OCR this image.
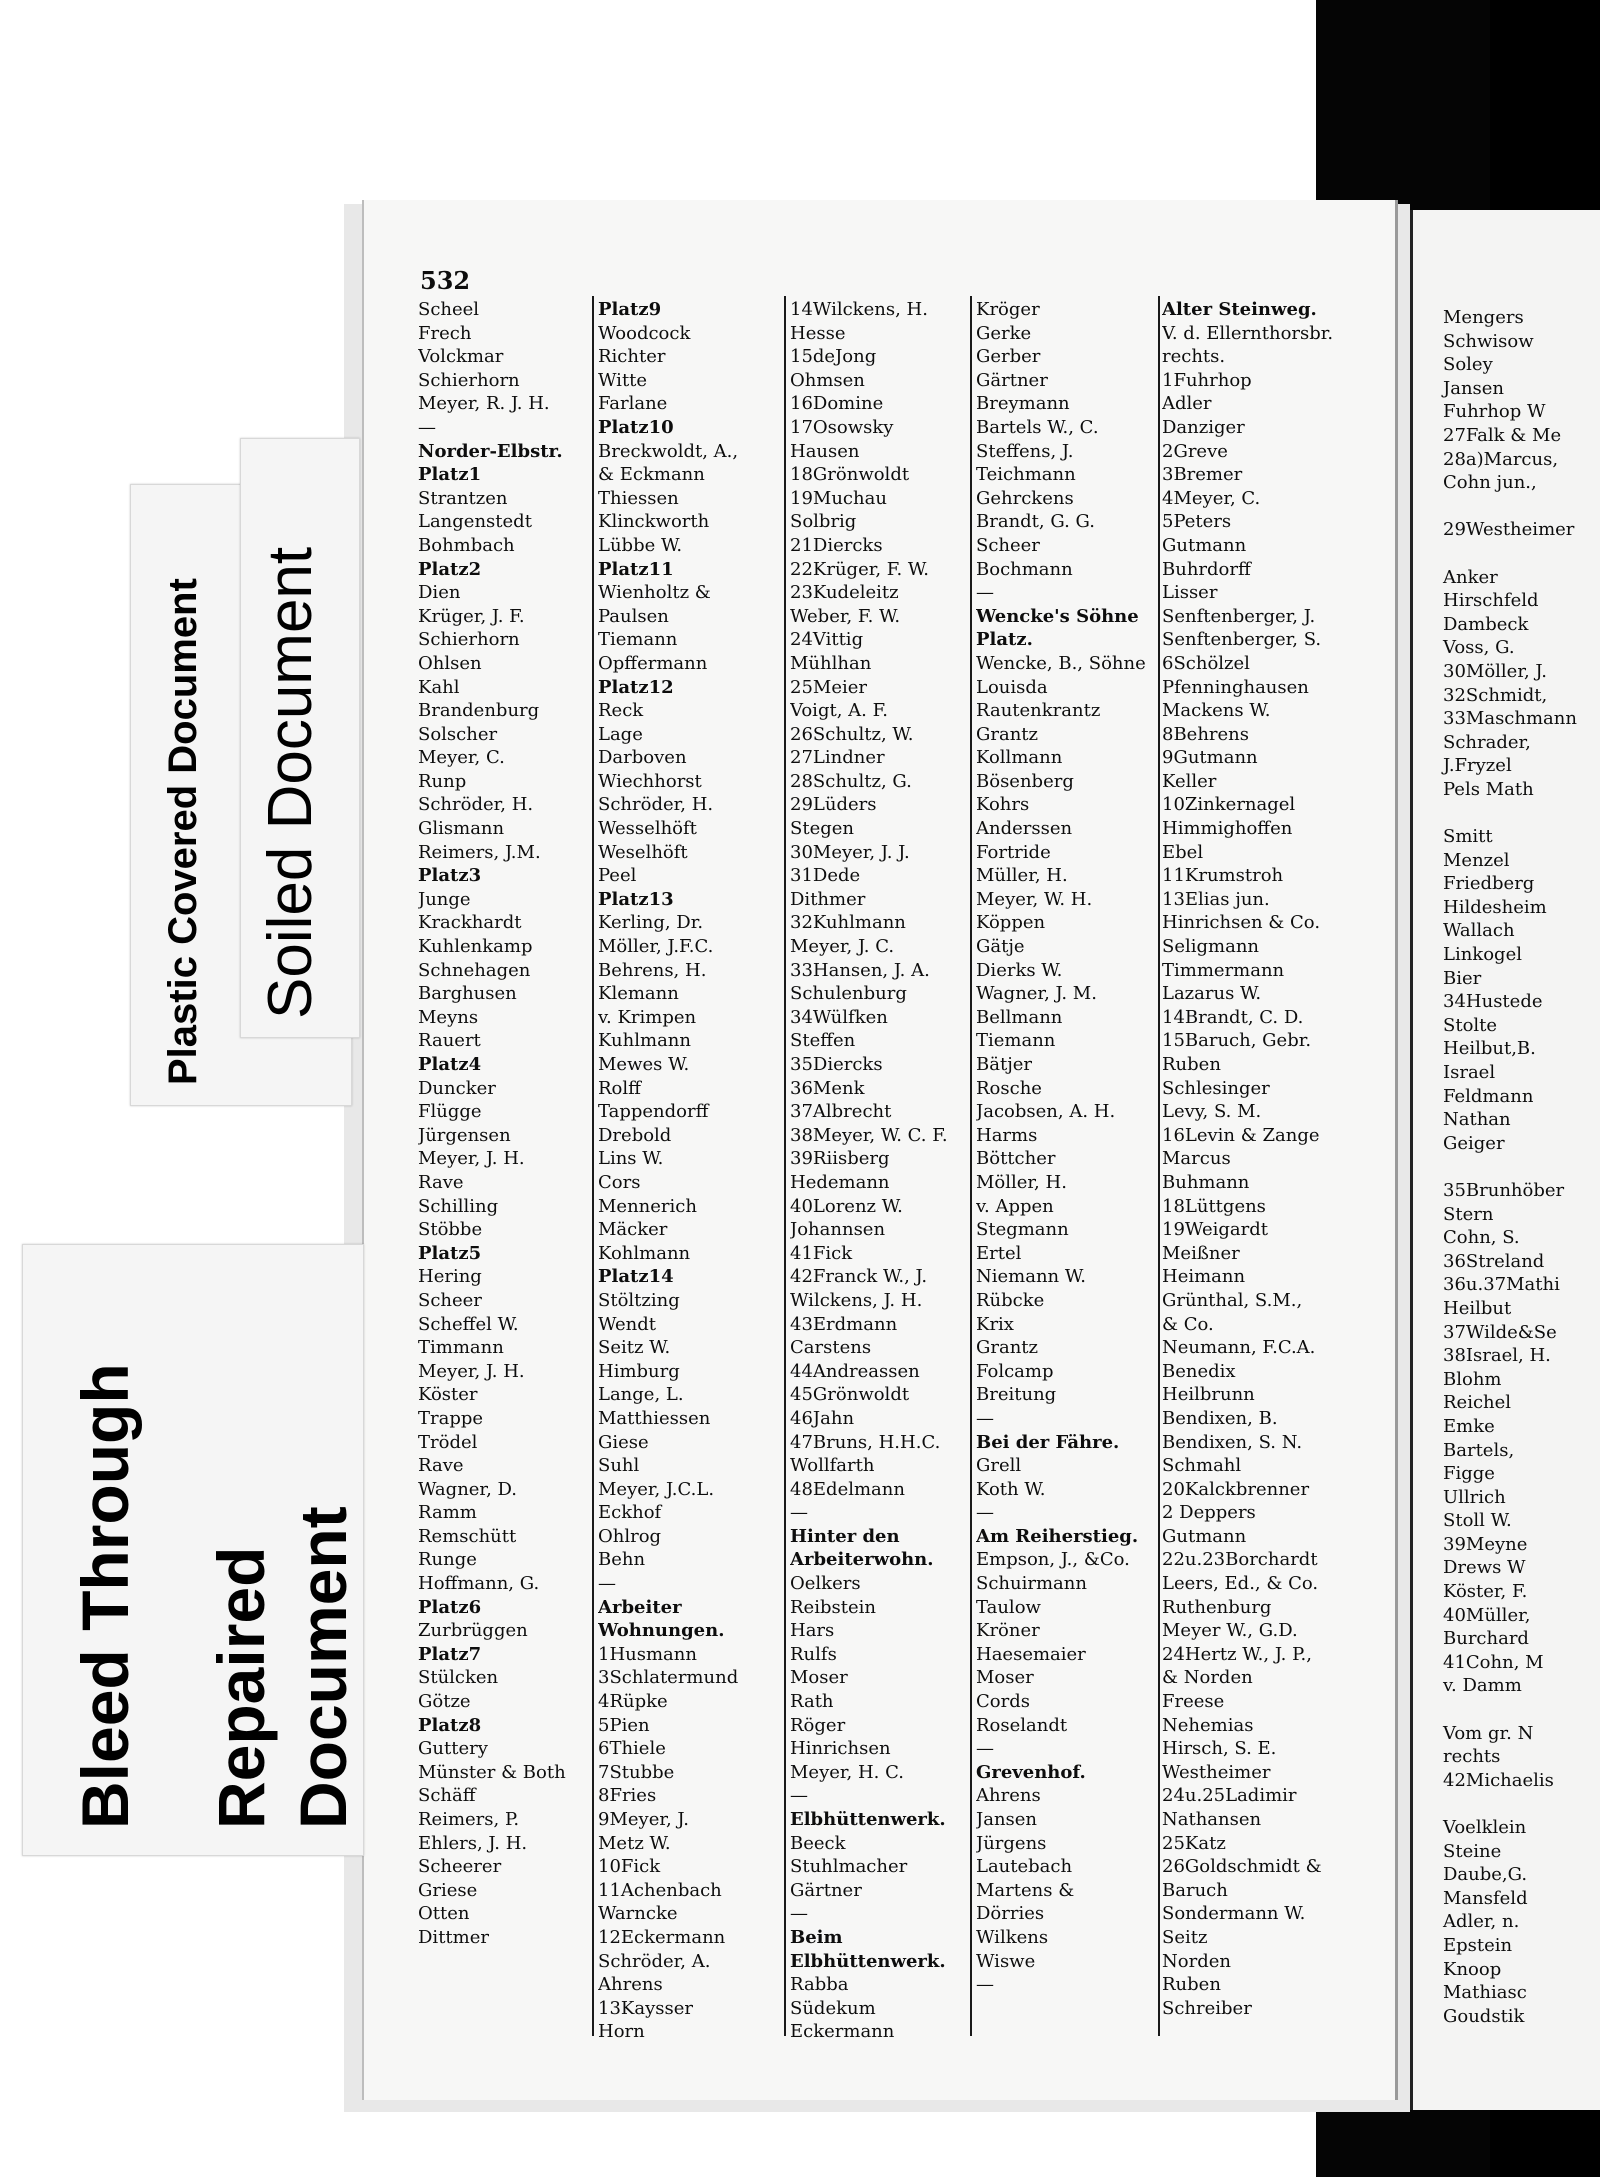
Mengers
Schwisow
Soley
Jansen
Fuhrhop W
27Falk & Me
28a)Marcus,
Cohn jun.,
29Westheimer
Anker
Hirschfeld
Dambeck
Voss, G.
30Möller, J.
32Schmidt,
33Maschmann
Schrader,
J.Fryzel
Pels Math
Smitt
Menzel
Friedberg
Hildesheim
Wallach
Linkogel
Bier
34Hustede
Stolte
Heilbut,B.
Israel
Feldmann
Nathan
Geiger
35Brunhöber
Stern
Cohn, S.
36Streland
36u.37Mathi
Heilbut
37Wilde&Se
38Israel, H.
Blohm
Reichel
Emke
Bartels,
Figge
Ullrich
Stoll W.
39Meyne
Drews W
Köster, F.
40Müller,
Burchard
41Cohn, M
v. Damm
Vom gr. N
rechts
42Michaelis
Voelklein
Steine
Daube,G.
Mansfeld
Adler, n.
Epstein
Knoop
Mathiasc
Goudstik
532
Scheel
Frech
Volckmar
Schierhorn
Meyer, R. J. H.
—
Norder-Elbstr.
Platz1
Strantzen
Langenstedt
Bohmbach
Platz2
Dien
Krüger, J. F.
Schierhorn
Ohlsen
Kahl
Brandenburg
Solscher
Meyer, C.
Runp
Schröder, H.
Glismann
Reimers, J.M.
Platz3
Junge
Krackhardt
Kuhlenkamp
Schnehagen
Barghusen
Meyns
Rauert
Platz4
Duncker
Flügge
Jürgensen
Meyer, J. H.
Rave
Schilling
Stöbbe
Platz5
Hering
Scheer
Scheffel W.
Timmann
Meyer, J. H.
Köster
Trappe
Trödel
Rave
Wagner, D.
Ramm
Remschütt
Runge
Hoffmann, G.
Platz6
Zurbrüggen
Platz7
Stülcken
Götze
Platz8
Guttery
Münster & Both
Schäff
Reimers, P.
Ehlers, J. H.
Scheerer
Griese
Otten
Dittmer
Platz9
Woodcock
Richter
Witte
Farlane
Platz10
Breckwoldt, A.,
& Eckmann
Thiessen
Klinckworth
Lübbe W.
Platz11
Wienholtz &
Paulsen
Tiemann
Opffermann
Platz12
Reck
Lage
Darboven
Wiechhorst
Schröder, H.
Wesselhöft
Weselhöft
Peel
Platz13
Kerling, Dr.
Möller, J.F.C.
Behrens, H.
Klemann
v. Krimpen
Kuhlmann
Mewes W.
Rolff
Tappendorff
Drebold
Lins W.
Cors
Mennerich
Mäcker
Kohlmann
Platz14
Stöltzing
Wendt
Seitz W.
Himburg
Lange, L.
Matthiessen
Giese
Suhl
Meyer, J.C.L.
Eckhof
Ohlrog
Behn
—
Arbeiter
Wohnungen.
1Husmann
3Schlatermund
4Rüpke
5Pien
6Thiele
7Stubbe
8Fries
9Meyer, J.
Metz W.
10Fick
11Achenbach
Warncke
12Eckermann
Schröder, A.
Ahrens
13Kaysser
Horn
14Wilckens, H.
Hesse
15deJong
Ohmsen
16Domine
17Osowsky
Hausen
18Grönwoldt
19Muchau
Solbrig
21Diercks
22Krüger, F. W.
23Kudeleitz
Weber, F. W.
24Vittig
Mühlhan
25Meier
Voigt, A. F.
26Schultz, W.
27Lindner
28Schultz, G.
29Lüders
Stegen
30Meyer, J. J.
31Dede
Dithmer
32Kuhlmann
Meyer, J. C.
33Hansen, J. A.
Schulenburg
34Wülfken
Steffen
35Diercks
36Menk
37Albrecht
38Meyer, W. C. F.
39Riisberg
Hedemann
40Lorenz W.
Johannsen
41Fick
42Franck W., J.
Wilckens, J. H.
43Erdmann
Carstens
44Andreassen
45Grönwoldt
46Jahn
47Bruns, H.H.C.
Wollfarth
48Edelmann
—
Hinter den
Arbeiterwohn.
Oelkers
Reibstein
Hars
Rulfs
Moser
Rath
Röger
Hinrichsen
Meyer, H. C.
—
Elbhüttenwerk.
Beeck
Stuhlmacher
Gärtner
—
Beim
Elbhüttenwerk.
Rabba
Südekum
Eckermann
Kröger
Gerke
Gerber
Gärtner
Breymann
Bartels W., C.
Steffens, J.
Teichmann
Gehrckens
Brandt, G. G.
Scheer
Bochmann
—
Wencke's Söhne
Platz.
Wencke, B., Söhne
Louisda
Rautenkrantz
Grantz
Kollmann
Bösenberg
Kohrs
Anderssen
Fortride
Müller, H.
Meyer, W. H.
Köppen
Gätje
Dierks W.
Wagner, J. M.
Bellmann
Tiemann
Bätjer
Rosche
Jacobsen, A. H.
Harms
Böttcher
Möller, H.
v. Appen
Stegmann
Ertel
Niemann W.
Rübcke
Krix
Grantz
Folcamp
Breitung
—
Bei der Fähre.
Grell
Koth W.
—
Am Reiherstieg.
Empson, J., &Co.
Schuirmann
Taulow
Kröner
Haesemaier
Moser
Cords
Roselandt
—
Grevenhof.
Ahrens
Jansen
Jürgens
Lautebach
Martens &
Dörries
Wilkens
Wiswe
—
Alter Steinweg.
V. d. Ellernthorsbr.
rechts.
1Fuhrhop
Adler
Danziger
2Greve
3Bremer
4Meyer, C.
5Peters
Gutmann
Buhrdorff
Lisser
Senftenberger, J.
Senftenberger, S.
6Schölzel
Pfenninghausen
Mackens W.
8Behrens
9Gutmann
Keller
10Zinkernagel
Himmighoffen
Ebel
11Krumstroh
13Elias jun.
Hinrichsen & Co.
Seligmann
Timmermann
Lazarus W.
14Brandt, C. D.
15Baruch, Gebr.
Ruben
Schlesinger
Levy, S. M.
16Levin & Zange
Marcus
Buhmann
18Lüttgens
19Weigardt
Meißner
Heimann
Grünthal, S.M.,
& Co.
Neumann, F.C.A.
Benedix
Heilbrunn
Bendixen, B.
Bendixen, S. N.
Schmahl
20Kalckbrenner
2 Deppers
Gutmann
22u.23Borchardt
Leers, Ed., & Co.
Ruthenburg
Meyer W., G.D.
24Hertz W., J. P.,
& Norden
Freese
Nehemias
Hirsch, S. E.
Westheimer
24u.25Ladimir
Nathansen
25Katz
26Goldschmidt &
Baruch
Sondermann W.
Seitz
Norden
Ruben
Schreiber
Plastic Covered Document Soiled Document
Bleed Through Repaired Document
